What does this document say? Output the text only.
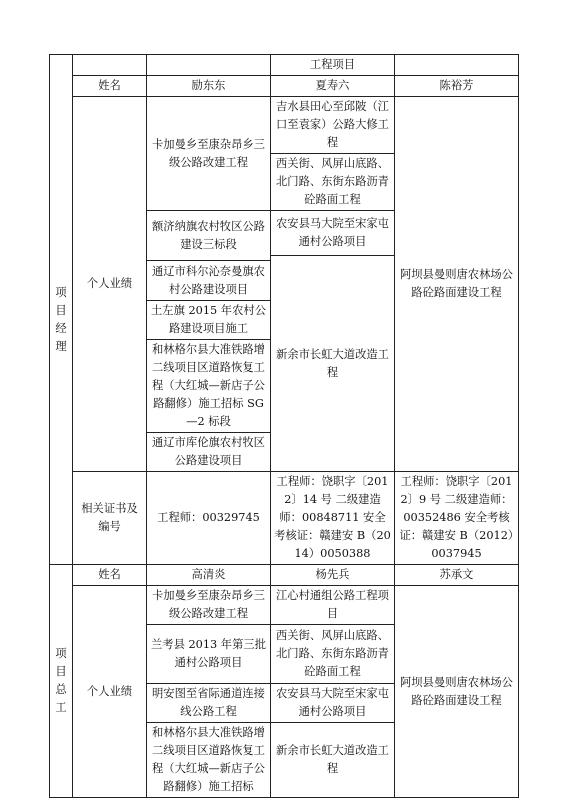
			工程项目	

项
目
经
理	姓名	励东东	夏寿六	陈裕芳
	个人业绩	卡加曼乡至康杂昂乡三级公路改建工程	吉水县田心至邱陂（江口至袁家）公路大修工程	阿坝县曼则唐农林场公路砼路面建设工程
			西关街、风屏山底路、北门路、东街东路沥青砼路面工程	
		额济纳旗农村牧区公路建设三标段	农安县马大院至宋家屯通村公路项目	
			新余市长虹大道改造工程	
		通辽市科尔沁奈曼旗农村公路建设项目		
		土左旗 2015 年农村公路建设项目施工		
		和林格尔县大准铁路增二线项目区道路恢复工程（大红城—新店子公路翻修）施工招标 SG—2 标段		
		通辽市库伦旗农村牧区公路建设项目		
	相关证书及编号	工程师：00329745	工程师：饶职字〔2012〕14 号 二级建造师：00848711 安全考核证：赣建安 B（2014）0050388	工程师：饶职字〔2012〕9 号 二级建造师：00352486 安全考核证：赣建安 B（2012）0037945

项
目
总
工	姓名	高清炎	杨先兵	苏承文
	个人业绩	卡加曼乡至康杂昂乡三级公路改建工程	江心村通组公路工程项目	阿坝县曼则唐农林场公路砼路面建设工程
		兰考县 2013 年第三批通村公路项目	西关街、风屏山底路、北门路、东街东路沥青砼路面工程	
		明安图至省际通道连接线公路工程	农安县马大院至宋家屯通村公路项目	
		和林格尔县大准铁路增二线项目区道路恢复工程（大红城—新店子公路翻修）施工招标	新余市长虹大道改造工程	
